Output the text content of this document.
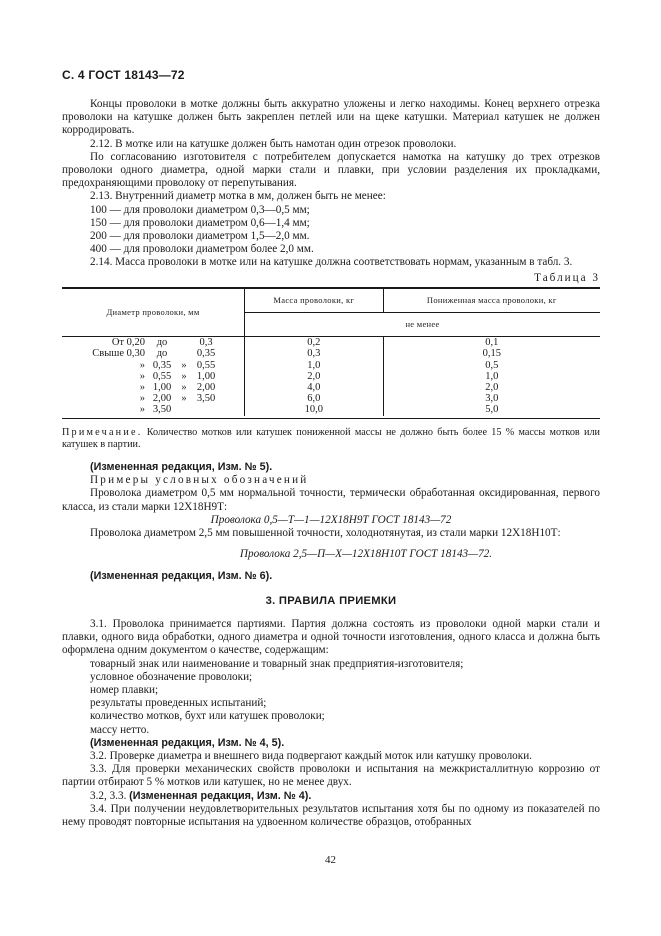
С. 4 ГОСТ 18143—72

Концы проволоки в мотке должны быть аккуратно уложены и легко находимы. Конец верхнего отрезка проволоки на катушке должен быть закреплен петлей или на щеке катушки. Материал катушек не должен корродировать.

2.12. В мотке или на катушке должен быть намотан один отрезок проволоки.

По согласованию изготовителя с потребителем допускается намотка на катушку до трех отрезков проволоки одного диаметра, одной марки стали и плавки, при условии разделения их прокладками, предохраняющими проволоку от перепутывания.

2.13. Внутренний диаметр мотка в мм, должен быть не менее:

100 — для проволоки диаметром 0,3—0,5 мм;

150 — для проволоки диаметром 0,6—1,4 мм;

200 — для проволоки диаметром 1,5—2,0 мм.

400 — для проволоки диаметром более 2,0 мм.

2.14. Масса проволоки в мотке или на катушке должна соответствовать нормам, указанным в табл. 3.

Таблица 3
Диаметр проволоки, мм	Масса проволоки, кг	Пониженная масса проволоки, кг
	не менее	

От 0,20 до 0,3	0,2	0,1

Свыше 0,30 до 0,35	0,3	0,15

» 0,35 » 0,55	1,0	0,5

» 0,55 » 1,00	2,0	1,0

» 1,00 » 2,00	4,0	2,0

» 2,00 » 3,50	6,0	3,0

» 3,50	10,0	5,0

Примечание. Количество мотков или катушек пониженной массы не должно быть более 15 % массы мотков или катушек в партии.

(Измененная редакция, Изм. № 5).

Примеры условных обозначений

Проволока диаметром 0,5 мм нормальной точности, термически обработанная оксидированная, первого класса, из стали марки 12Х18Н9Т:

Проволока 0,5—Т—1—12Х18Н9Т ГОСТ 18143—72

Проволока диаметром 2,5 мм повышенной точности, холоднотянутая, из стали марки 12Х18Н10Т:

Проволока 2,5—П—Х—12Х18Н10Т ГОСТ 18143—72.

(Измененная редакция, Изм. № 6).

3. ПРАВИЛА ПРИЕМКИ

3.1. Проволока принимается партиями. Партия должна состоять из проволоки одной марки стали и плавки, одного вида обработки, одного диаметра и одной точности изготовления, одного класса и должна быть оформлена одним документом о качестве, содержащим:

товарный знак или наименование и товарный знак предприятия-изготовителя;

условное обозначение проволоки;

номер плавки;

результаты проведенных испытаний;

количество мотков, бухт или катушек проволоки;

массу нетто.

(Измененная редакция, Изм. № 4, 5).

3.2. Проверке диаметра и внешнего вида подвергают каждый моток или катушку проволоки.

3.3. Для проверки механических свойств проволоки и испытания на межкристаллитную коррозию от партии отбирают 5 % мотков или катушек, но не менее двух.

3.2, 3.3. (Измененная редакция, Изм. № 4).

3.4. При получении неудовлетворительных результатов испытания хотя бы по одному из показателей по нему проводят повторные испытания на удвоенном количестве образцов, отобранных

42
